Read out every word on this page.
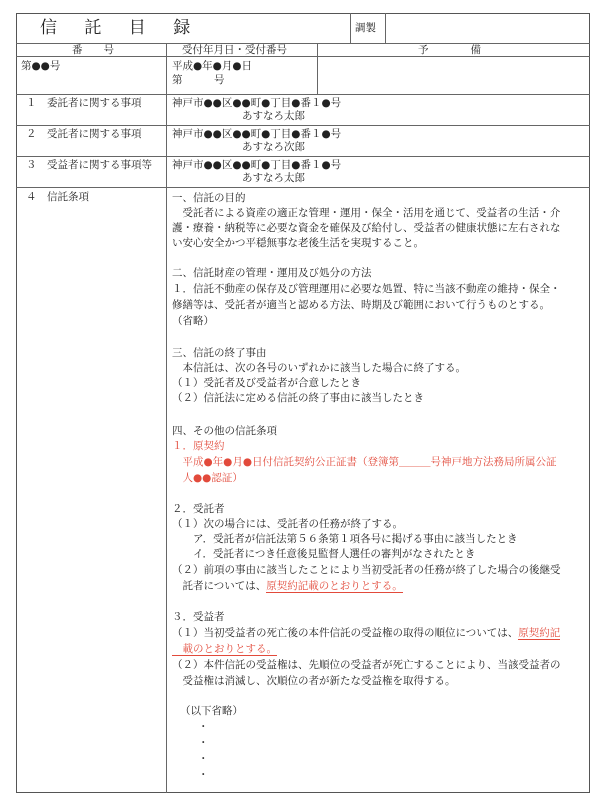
信 託 目 録	調製
番　　号	受付年月日・受付番号	予　　　　備
第●●号	平成●年●月●日
第　　　号
１　委託者に関する事項	神戸市●●区●●町●丁目●番１●号
あすなろ太郎
２　受託者に関する事項	神戸市●●区●●町●丁目●番１●号
あすなろ次郎
３　受益者に関する事項等 神戸市●●区●●町●丁目●番１●号
あすなろ太郎
４　信託条項	一、信託の目的
　受託者による資産の適正な管理・運用・保全・活用を通じて、受益者の生活・介
護・療養・納税等に必要な資金を確保及び給付し、受益者の健康状態に左右されな
い安心安全かつ平穏無事な老後生活を実現すること。
二、信託財産の管理・運用及び処分の方法
１．信託不動産の保存及び管理運用に必要な処置、特に当該不動産の維持・保全・
修繕等は、受託者が適当と認める方法、時期及び範囲において行うものとする。
（省略）
三、信託の終了事由
　本信託は、次の各号のいずれかに該当した場合に終了する。
（１）受託者及び受益者が合意したとき
（２）信託法に定める信託の終了事由に該当したとき
四、その他の信託条項
１．原契約
　平成●年●月●日付信託契約公正証書（登簿第＿＿＿号神戸地方法務局所属公証
　人●●認証）
２．受託者
（１）次の場合には、受託者の任務が終了する。
　　ア．受託者が信託法第５６条第１項各号に掲げる事由に該当したとき
　　イ．受託者につき任意後見監督人選任の審判がなされたとき
（２）前項の事由に該当したことにより当初受託者の任務が終了した場合の後継受
　託者については、原契約記載のとおりとする。
３．受益者
（１）当初受益者の死亡後の本件信託の受益権の取得の順位については、原契約記
　載のとおりとする。
（２）本件信託の受益権は、先順位の受益者が死亡することにより、当該受益者の
　受益権は消滅し、次順位の者が新たな受益権を取得する。
（以下省略）
・
・
・
・
